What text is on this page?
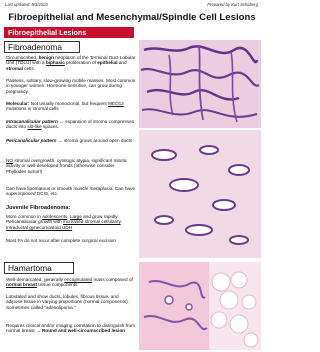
Last updated: 9/3/2020	Prepared by Kurt Schaberg
Fibroepithelial and Mesenchymal/Spindle Cell Lesions
Fibroepithelial Lesions
Fibroadenoma

Circumscribed, benign neoplasm of the Terminal Duct Lobular Unit (TDLU) with a biphasic proliferation of epithelial and stromal cells.

Painless, solitary, slow-growing mobile masses. Most common in younger women. Hormone-sensitive, can grow during pregnancy.
Molecular: Not usually monoclonal, but frequent MED12 mutations in stromal cells
Intracanalicular pattern → expansion of stroma compresses ducts into slit-like spaces.
Pericanalicular pattern → stroma grows around open ducts
NO stromal overgrowth, cytologic atypia, significant mitotic activity or well-developed fronds (otherwise consider Phyllodes tumor!)
Can have lipomatous or smooth muscle metaplasia. Can have superimposed DCIS, etc.
Juvenile Fibroadenoma:
More common in adolescents. Large and grow rapidly. Pericanalicular growth with increased stromal cellularity. Intraductal gynecomastoid UDH
Most FA do not recur after complete surgical excision
Hamartoma
Well-demarcated, generally encapsulated mass composed of normal breast tissue components.
Lobulated and show ducts, lobules, fibrous tissue, and adipose tissue in varying proportions (normal components). Sometimes called “adenolipoma.”
Requires clinical and/or imaging correlation to distinguish from normal breast → Round and well-circumscribed lesion
